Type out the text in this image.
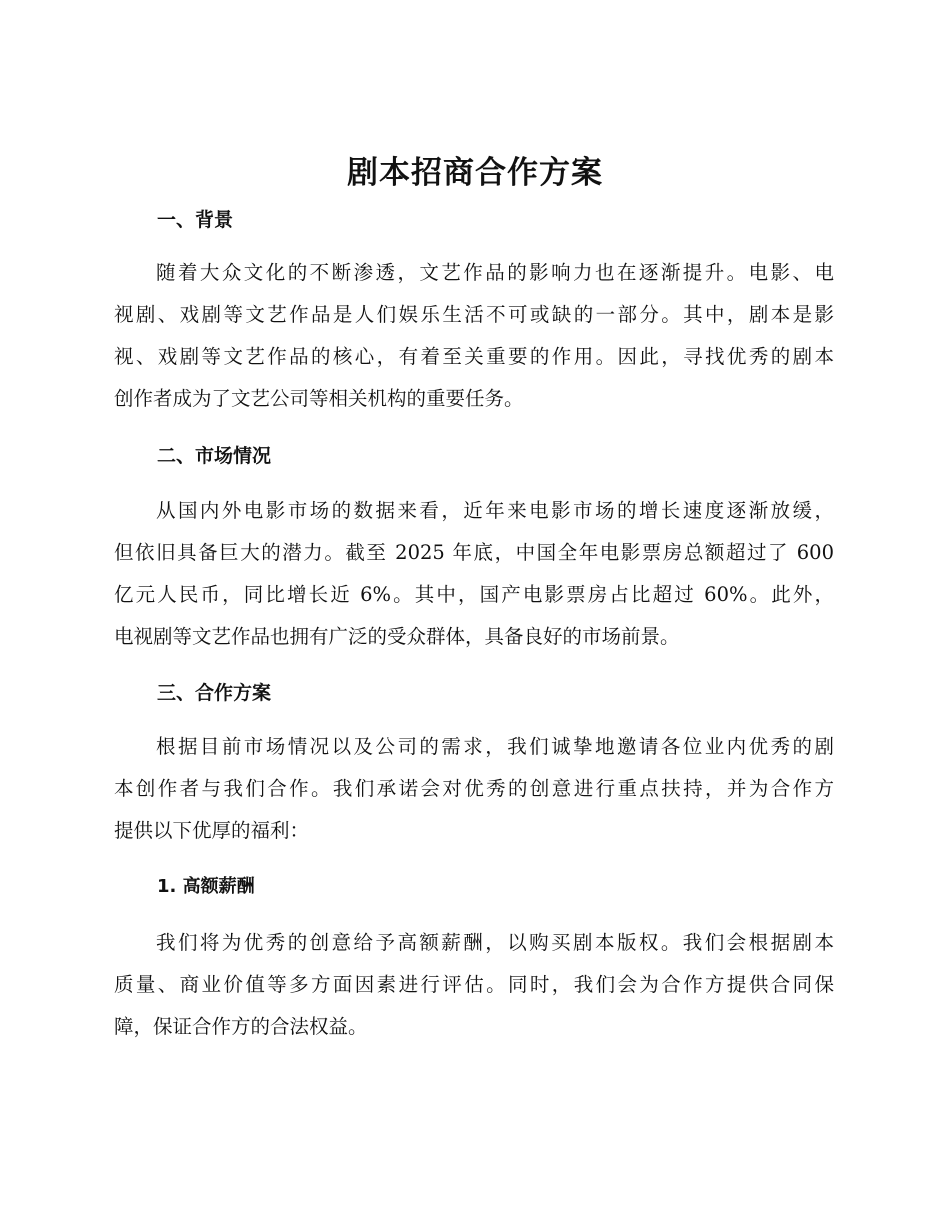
剧本招商合作方案
一、背景
随着大众文化的不断渗透，文艺作品的影响力也在逐渐提升。电影、电
视剧、戏剧等文艺作品是人们娱乐生活不可或缺的一部分。其中，剧本是影
视、戏剧等文艺作品的核心，有着至关重要的作用。因此，寻找优秀的剧本
创作者成为了文艺公司等相关机构的重要任务。
二、市场情况
从国内外电影市场的数据来看，近年来电影市场的增长速度逐渐放缓，
但依旧具备巨大的潜力。截至 2025 年底，中国全年电影票房总额超过了 600
亿元人民币，同比增长近 6%。其中，国产电影票房占比超过 60%。此外，
电视剧等文艺作品也拥有广泛的受众群体，具备良好的市场前景。
三、合作方案
根据目前市场情况以及公司的需求，我们诚挚地邀请各位业内优秀的剧
本创作者与我们合作。我们承诺会对优秀的创意进行重点扶持，并为合作方
提供以下优厚的福利：
1. 高额薪酬
我们将为优秀的创意给予高额薪酬，以购买剧本版权。我们会根据剧本
质量、商业价值等多方面因素进行评估。同时，我们会为合作方提供合同保
障，保证合作方的合法权益。
